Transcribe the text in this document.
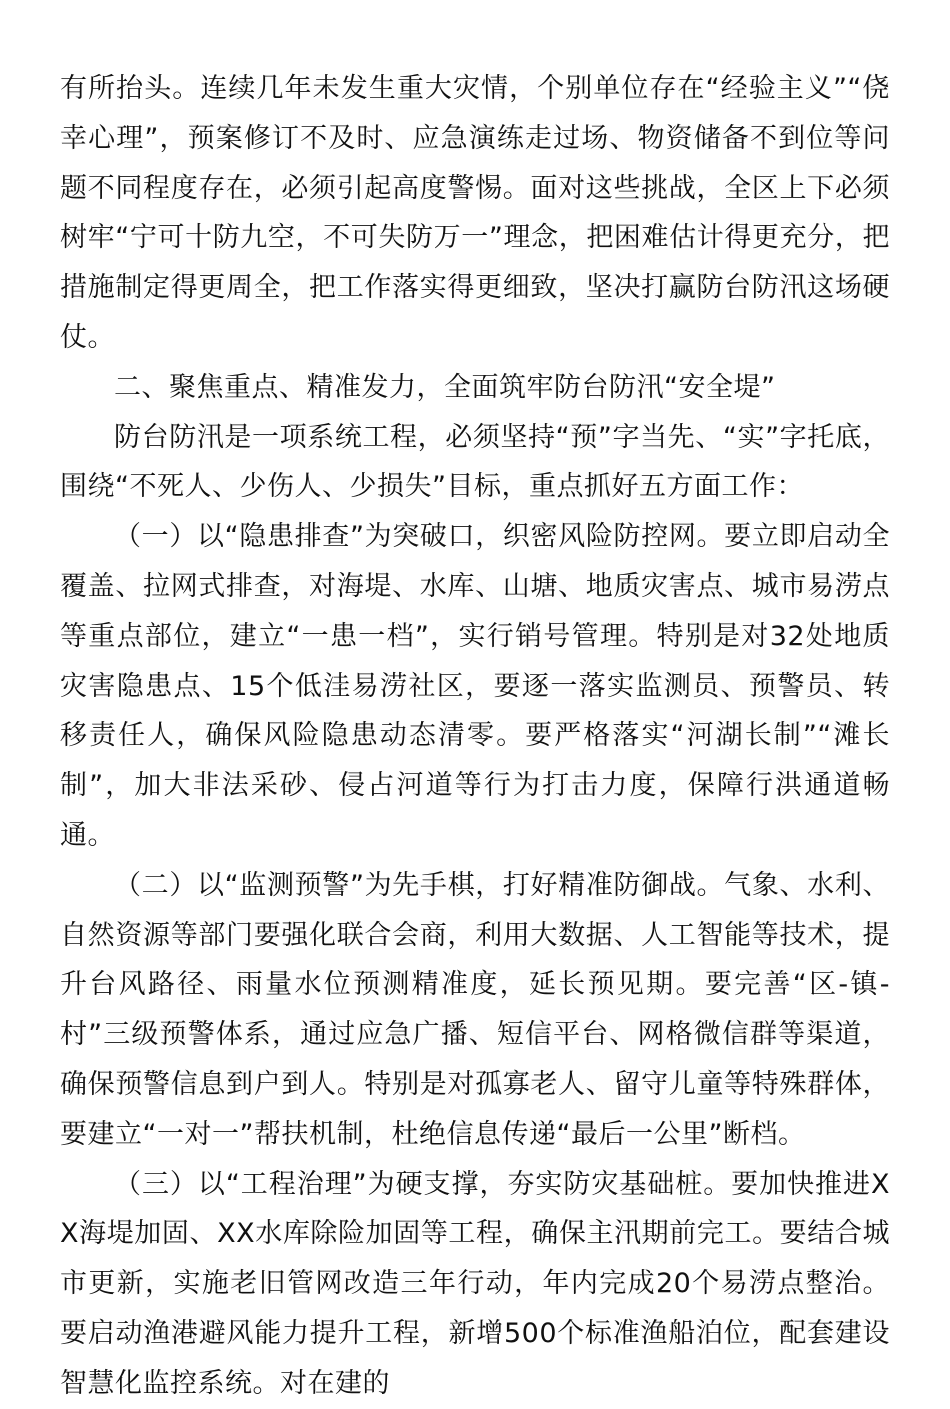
有所抬头。连续几年未发生重大灾情，个别单位存在“经验主义”“侥幸心理”，预案修订不及时、应急演练走过场、物资储备不到位等问题不同程度存在，必须引起高度警惕。面对这些挑战，全区上下必须树牢“宁可十防九空，不可失防万一”理念，把困难估计得更充分，把措施制定得更周全，把工作落实得更细致，坚决打赢防台防汛这场硬仗。

二、聚焦重点、精准发力，全面筑牢防台防汛“安全堤”

防台防汛是一项系统工程，必须坚持“预”字当先、“实”字托底，围绕“不死人、少伤人、少损失”目标，重点抓好五方面工作：

（一）以“隐患排查”为突破口，织密风险防控网。要立即启动全覆盖、拉网式排查，对海堤、水库、山塘、地质灾害点、城市易涝点等重点部位，建立“一患一档”，实行销号管理。特别是对32处地质灾害隐患点、15个低洼易涝社区，要逐一落实监测员、预警员、转移责任人，确保风险隐患动态清零。要严格落实“河湖长制”“滩长制”，加大非法采砂、侵占河道等行为打击力度，保障行洪通道畅通。

（二）以“监测预警”为先手棋，打好精准防御战。气象、水利、自然资源等部门要强化联合会商，利用大数据、人工智能等技术，提升台风路径、雨量水位预测精准度，延长预见期。要完善“区-镇-村”三级预警体系，通过应急广播、短信平台、网格微信群等渠道，确保预警信息到户到人。特别是对孤寡老人、留守儿童等特殊群体，要建立“一对一”帮扶机制，杜绝信息传递“最后一公里”断档。

（三）以“工程治理”为硬支撑，夯实防灾基础桩。要加快推进XX海堤加固、XX水库除险加固等工程，确保主汛期前完工。要结合城市更新，实施老旧管网改造三年行动，年内完成20个易涝点整治。要启动渔港避风能力提升工程，新增500个标准渔船泊位，配套建设智慧化监控系统。对在建的
